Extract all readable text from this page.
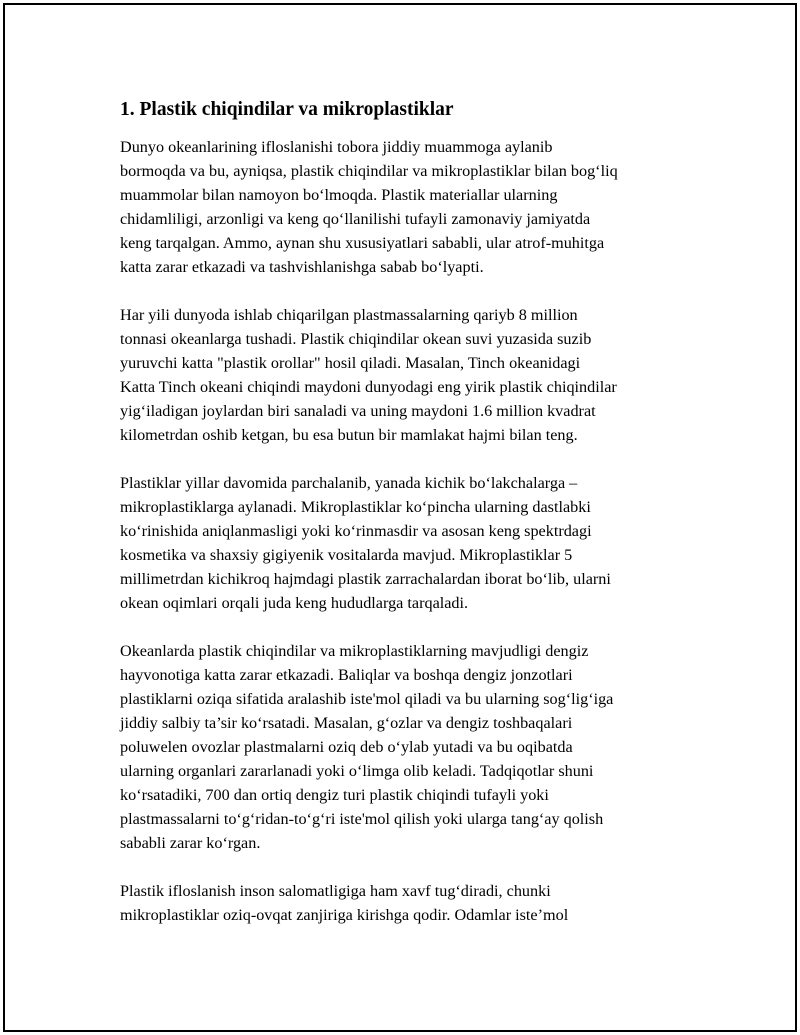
1. Plastik chiqindilar va mikroplastiklar

Dunyo okeanlarining ifloslanishi tobora jiddiy muammoga aylanib
bormoqda va bu, ayniqsa, plastik chiqindilar va mikroplastiklar bilan bog‘liq
muammolar bilan namoyon bo‘lmoqda. Plastik materiallar ularning
chidamliligi, arzonligi va keng qo‘llanilishi tufayli zamonaviy jamiyatda
keng tarqalgan. Ammo, aynan shu xususiyatlari sababli, ular atrof-muhitga
katta zarar etkazadi va tashvishlanishga sabab bo‘lyapti.

Har yili dunyoda ishlab chiqarilgan plastmassalarning qariyb 8 million
tonnasi okeanlarga tushadi. Plastik chiqindilar okean suvi yuzasida suzib
yuruvchi katta "plastik orollar" hosil qiladi. Masalan, Tinch okeanidagi
Katta Tinch okeani chiqindi maydoni dunyodagi eng yirik plastik chiqindilar
yig‘iladigan joylardan biri sanaladi va uning maydoni 1.6 million kvadrat
kilometrdan oshib ketgan, bu esa butun bir mamlakat hajmi bilan teng.

Plastiklar yillar davomida parchalanib, yanada kichik bo‘lakchalarga –
mikroplastiklarga aylanadi. Mikroplastiklar ko‘pincha ularning dastlabki
ko‘rinishida aniqlanmasligi yoki ko‘rinmasdir va asosan keng spektrdagi
kosmetika va shaxsiy gigiyenik vositalarda mavjud. Mikroplastiklar 5
millimetrdan kichikroq hajmdagi plastik zarrachalardan iborat bo‘lib, ularni
okean oqimlari orqali juda keng hududlarga tarqaladi.

Okeanlarda plastik chiqindilar va mikroplastiklarning mavjudligi dengiz
hayvonotiga katta zarar etkazadi. Baliqlar va boshqa dengiz jonzotlari
plastiklarni oziqa sifatida aralashib iste'mol qiladi va bu ularning sog‘lig‘iga
jiddiy salbiy ta’sir ko‘rsatadi. Masalan, g‘ozlar va dengiz toshbaqalari
poluwelen ovozlar plastmalarni oziq deb o‘ylab yutadi va bu oqibatda
ularning organlari zararlanadi yoki o‘limga olib keladi. Tadqiqotlar shuni
ko‘rsatadiki, 700 dan ortiq dengiz turi plastik chiqindi tufayli yoki
plastmassalarni to‘g‘ridan-to‘g‘ri iste'mol qilish yoki ularga tang‘ay qolish
sababli zarar ko‘rgan.

Plastik ifloslanish inson salomatligiga ham xavf tug‘diradi, chunki
mikroplastiklar oziq-ovqat zanjiriga kirishga qodir. Odamlar iste’mol
